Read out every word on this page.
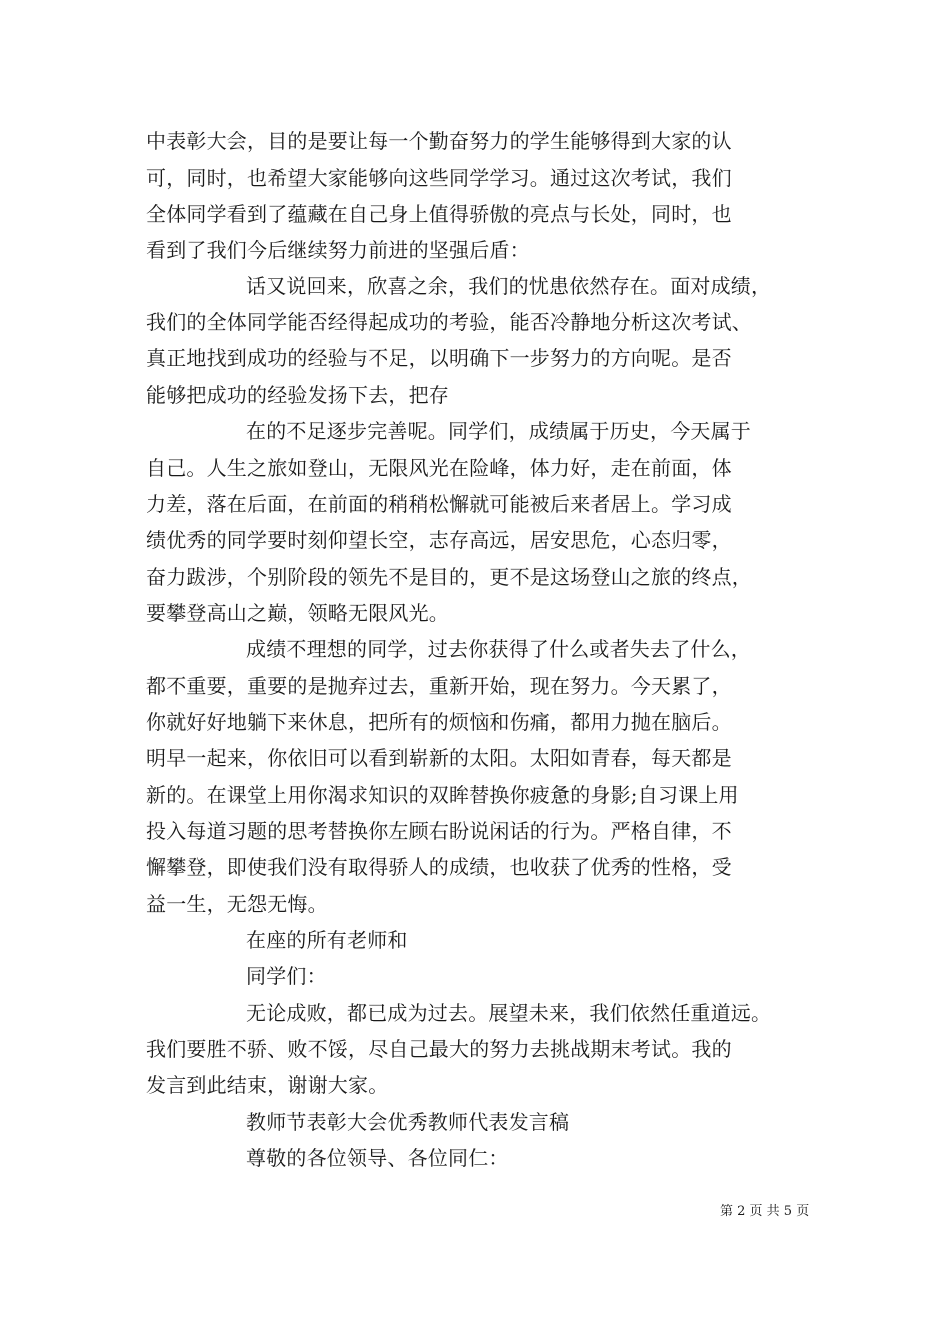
中表彰大会，目的是要让每一个勤奋努力的学生能够得到大家的认
可，同时，也希望大家能够向这些同学学习。通过这次考试，我们
全体同学看到了蕴藏在自己身上值得骄傲的亮点与长处，同时，也
看到了我们今后继续努力前进的坚强后盾：
话又说回来，欣喜之余，我们的忧患依然存在。面对成绩，
我们的全体同学能否经得起成功的考验，能否冷静地分析这次考试、
真正地找到成功的经验与不足，以明确下一步努力的方向呢。是否
能够把成功的经验发扬下去，把存
在的不足逐步完善呢。同学们，成绩属于历史，今天属于
自己。人生之旅如登山，无限风光在险峰，体力好，走在前面，体
力差，落在后面，在前面的稍稍松懈就可能被后来者居上。学习成
绩优秀的同学要时刻仰望长空，志存高远，居安思危，心态归零，
奋力跋涉，个别阶段的领先不是目的，更不是这场登山之旅的终点，
要攀登高山之巅，领略无限风光。
成绩不理想的同学，过去你获得了什么或者失去了什么，
都不重要，重要的是抛弃过去，重新开始，现在努力。今天累了，
你就好好地躺下来休息，把所有的烦恼和伤痛，都用力抛在脑后。
明早一起来，你依旧可以看到崭新的太阳。太阳如青春，每天都是
新的。在课堂上用你渴求知识的双眸替换你疲惫的身影;自习课上用
投入每道习题的思考替换你左顾右盼说闲话的行为。严格自律，不
懈攀登，即使我们没有取得骄人的成绩，也收获了优秀的性格，受
益一生，无怨无悔。
在座的所有老师和
同学们：
无论成败，都已成为过去。展望未来，我们依然任重道远。
我们要胜不骄、败不馁，尽自己最大的努力去挑战期末考试。我的
发言到此结束，谢谢大家。
教师节表彰大会优秀教师代表发言稿
尊敬的各位领导、各位同仁：
第 2 页 共 5 页
